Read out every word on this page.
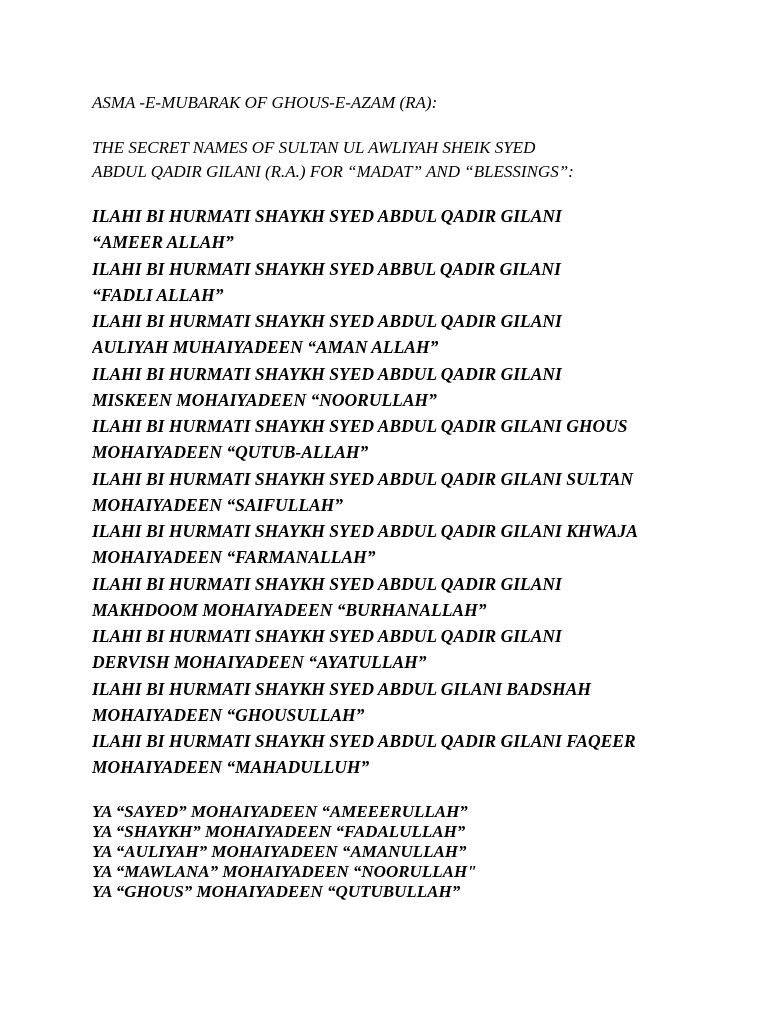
ASMA -E-MUBARAK OF GHOUS-E-AZAM (RA):

THE SECRET NAMES OF SULTAN UL AWLIYAH SHEIK SYED
ABDUL QADIR GILANI (R.A.) FOR “MADAT” AND “BLESSINGS”:

ILAHI BI HURMATI SHAYKH SYED ABDUL QADIR GILANI
“AMEER ALLAH”
ILAHI BI HURMATI SHAYKH SYED ABBUL QADIR GILANI
“FADLI ALLAH”
ILAHI BI HURMATI SHAYKH SYED ABDUL QADIR GILANI
AULIYAH MUHAIYADEEN “AMAN ALLAH”
ILAHI BI HURMATI SHAYKH SYED ABDUL QADIR GILANI
MISKEEN MOHAIYADEEN “NOORULLAH”
ILAHI BI HURMATI SHAYKH SYED ABDUL QADIR GILANI GHOUS
MOHAIYADEEN “QUTUB-ALLAH”
ILAHI BI HURMATI SHAYKH SYED ABDUL QADIR GILANI SULTAN
MOHAIYADEEN “SAIFULLAH”
ILAHI BI HURMATI SHAYKH SYED ABDUL QADIR GILANI KHWAJA
MOHAIYADEEN “FARMANALLAH”
ILAHI BI HURMATI SHAYKH SYED ABDUL QADIR GILANI
MAKHDOOM MOHAIYADEEN “BURHANALLAH”
ILAHI BI HURMATI SHAYKH SYED ABDUL QADIR GILANI
DERVISH MOHAIYADEEN “AYATULLAH”
ILAHI BI HURMATI SHAYKH SYED ABDUL GILANI BADSHAH
MOHAIYADEEN “GHOUSULLAH”
ILAHI BI HURMATI SHAYKH SYED ABDUL QADIR GILANI FAQEER
MOHAIYADEEN “MAHADULLUH”
YA “SAYED” MOHAIYADEEN “AMEEERULLAH”
YA “SHAYKH” MOHAIYADEEN “FADALULLAH”
YA “AULIYAH” MOHAIYADEEN “AMANULLAH”
YA “MAWLANA” MOHAIYADEEN “NOORULLAH"
YA “GHOUS” MOHAIYADEEN “QUTUBULLAH”
